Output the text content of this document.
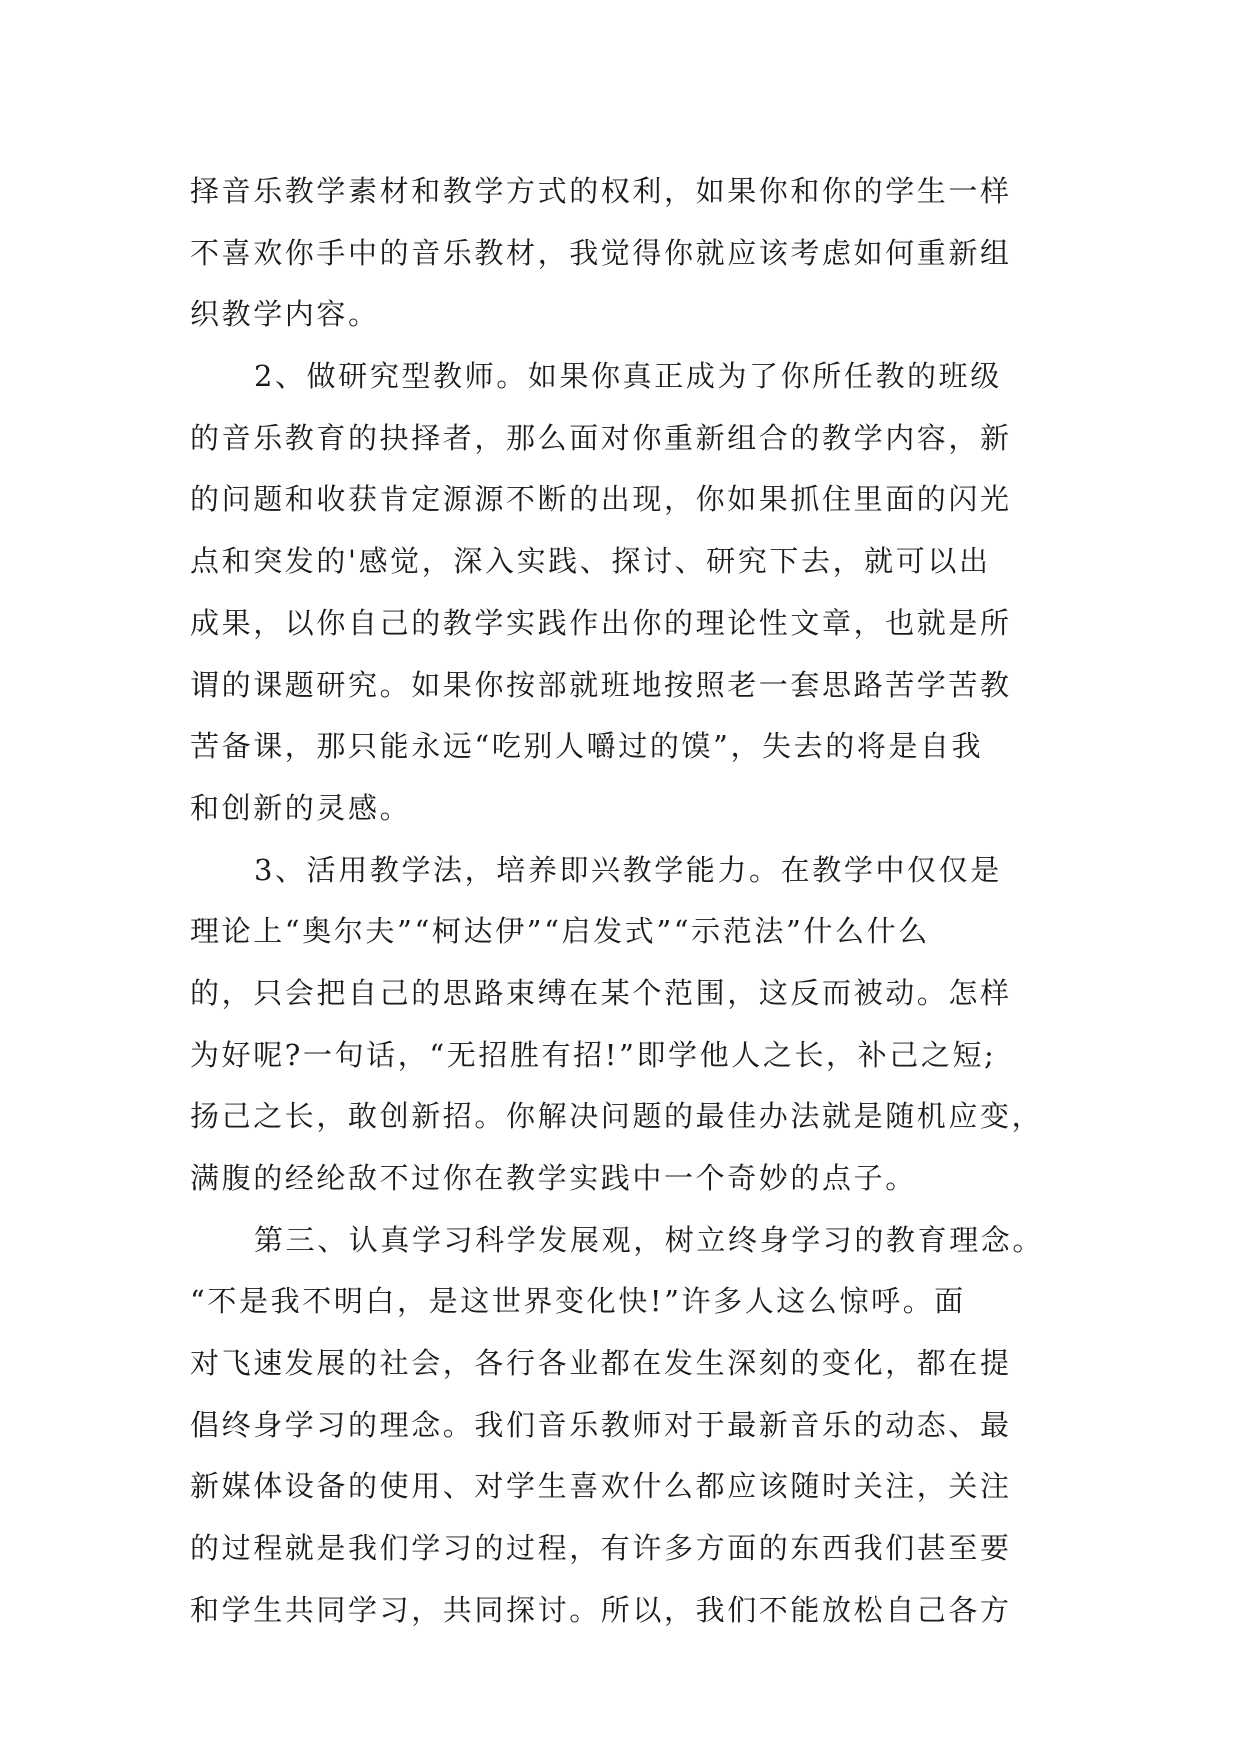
择音乐教学素材和教学方式的权利，如果你和你的学生一样
不喜欢你手中的音乐教材，我觉得你就应该考虑如何重新组
织教学内容。
2、做研究型教师。如果你真正成为了你所任教的班级
的音乐教育的抉择者，那么面对你重新组合的教学内容，新
的问题和收获肯定源源不断的出现，你如果抓住里面的闪光
点和突发的'感觉，深入实践、探讨、研究下去，就可以出
成果，以你自己的教学实践作出你的理论性文章，也就是所
谓的课题研究。如果你按部就班地按照老一套思路苦学苦教
苦备课，那只能永远“吃别人嚼过的馍”，失去的将是自我
和创新的灵感。
3、活用教学法，培养即兴教学能力。在教学中仅仅是
理论上“奥尔夫”“柯达伊”“启发式”“示范法”什么什么
的，只会把自己的思路束缚在某个范围，这反而被动。怎样
为好呢?一句话，“无招胜有招!”即学他人之长，补己之短;
扬己之长，敢创新招。你解决问题的最佳办法就是随机应变，
满腹的经纶敌不过你在教学实践中一个奇妙的点子。
第三、认真学习科学发展观，树立终身学习的教育理念。
“不是我不明白，是这世界变化快!”许多人这么惊呼。面
对飞速发展的社会，各行各业都在发生深刻的变化，都在提
倡终身学习的理念。我们音乐教师对于最新音乐的动态、最
新媒体设备的使用、对学生喜欢什么都应该随时关注，关注
的过程就是我们学习的过程，有许多方面的东西我们甚至要
和学生共同学习，共同探讨。所以，我们不能放松自己各方
